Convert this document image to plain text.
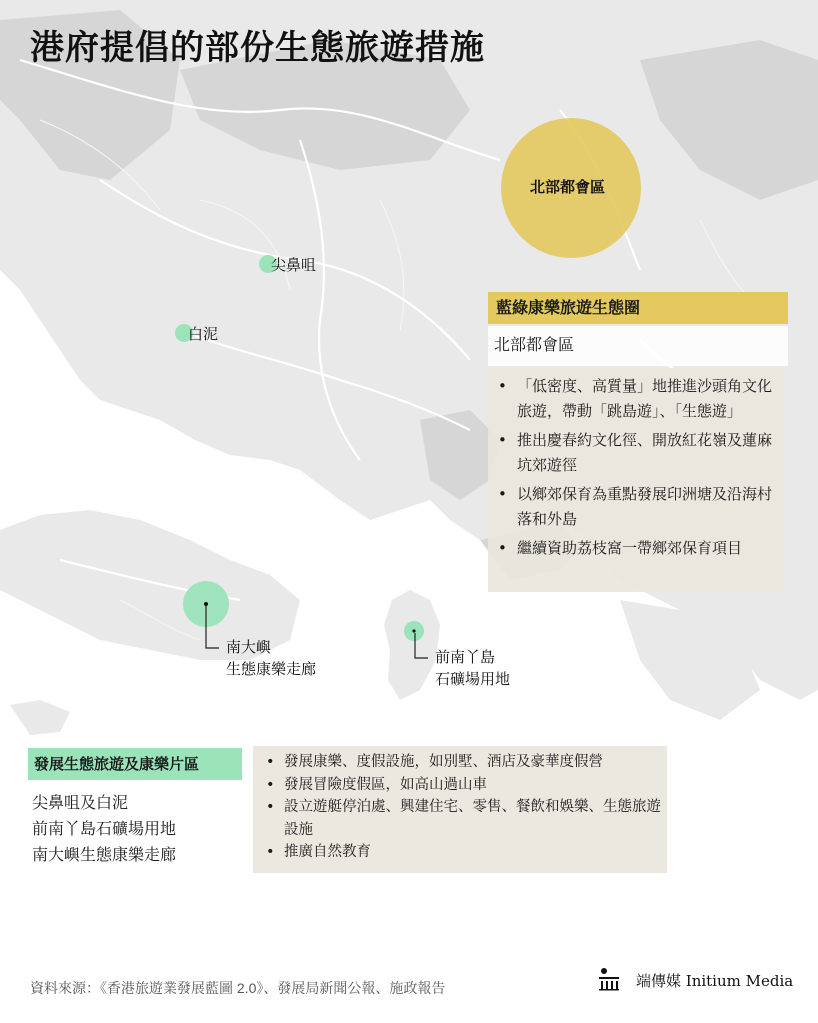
港府提倡的部份生態旅遊措施
北部都會區
尖鼻咀
白泥
南大嶼
生態康樂走廊
前南丫島
石礦場用地
藍綠康樂旅遊生態圈
北部都會區
• 「低密度、高質量」地推進沙頭角文化旅遊，帶動「跳島遊」、「生態遊」
• 推出慶春約文化徑、開放紅花嶺及蓮麻坑郊遊徑
• 以鄉郊保育為重點發展印洲塘及沿海村落和外島
• 繼續資助荔枝窩一帶鄉郊保育項目
發展生態旅遊及康樂片區
尖鼻咀及白泥
前南丫島石礦場用地
南大嶼生態康樂走廊
• 發展康樂、度假設施，如別墅、酒店及豪華度假營
• 發展冒險度假區，如高山過山車
• 設立遊艇停泊處、興建住宅、零售、餐飲和娛樂、生態旅遊設施
• 推廣自然教育
資料來源：《香港旅遊業發展藍圖 2.0》、發展局新聞公報、施政報告	端傳媒 Initium Media
